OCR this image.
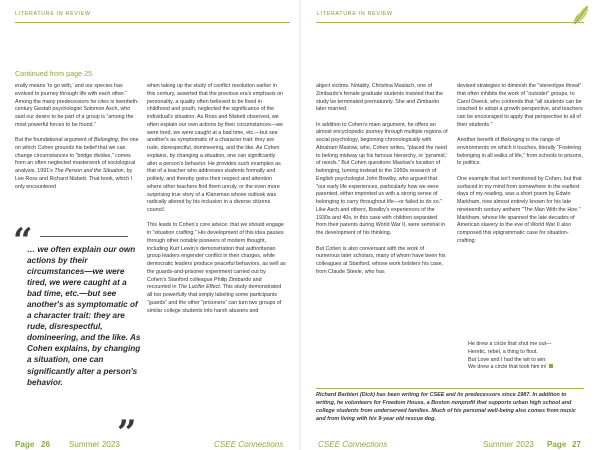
LITERATURE IN REVIEW
Continued from page 25

erally means ‘to go with,’ and our species has evolved to journey through life with each other.” Among the many predecessors he cites is twentieth-century Gestalt psychologist Solomon Asch, who said our desire to be part of a group is “among the most powerful forces to be found.”

But the foundational argument of Belonging, the one on which Cohen grounds his belief that we can change circumstances to “bridge divides,” comes from an often neglected masterwork of sociological analysis, 1991’s The Person and the Situation, by Lee Ross and Richard Nisbett. That book, which I only encountered

“
… we often explain our own actions by their circumstances—we were tired, we were caught at a bad time, etc.—but see another's as symptomatic of a character trait: they are rude, disrespectful, domineering, and the like. As Cohen explains, by changing a situation, one can significantly alter a person's behavior.
”

when taking up the study of conflict resolution earlier in this century, asserted that the previous era's emphasis on personality, a quality often believed to be fixed in childhood and youth, neglected the significance of the individual's situation. As Ross and Nisbett observed, we often explain our own actions by their circumstances—we were tired, we were caught at a bad time, etc.—but see another's as symptomatic of a character trait: they are rude, disrespectful, domineering, and the like. As Cohen explains, by changing a situation, one can significantly alter a person's behavior. He provides such examples as that of a teacher who addresses students formally and politely, and thereby gains their respect and attention where other teachers find them unruly, or the even more surprising true story of a Klansman whose outlook was radically altered by his inclusion in a diverse citizens council.

This leads to Cohen’s core advice: that we should engage in “situation crafting.” His development of this idea passes through other notable pioneers of modern thought, including Kurt Lewin’s demonstration that authoritarian group leaders engender conflict in their charges, while democratic leaders produce peaceful behaviors, as well as the guards-and-prisoner experiment carried out by Cohen’s Stanford colleague Philip Zimbardo and recounted in The Lucifer Effect. This study demonstrated all too powerfully that simply labeling some participants “guards” and the other “prisoners” can turn two groups of similar college students into harsh abusers and

Page 26 Summer 2023	CSEE Connections
LITERATURE IN REVIEW

abject victims. Notably, Christina Maslach, one of Zimbardo's female graduate students insisted that the study be terminated prematurely. She and Zimbardo later married.

In addition to Cohen's main argument, he offers an almost encyclopedic journey through multiple regions of social psychology, beginning chronologically with Abraham Maslow, who, Cohen writes, "placed the need to belong midway up his famous hierarchy, or 'pyramid,' of needs." But Cohen questions Maslow's location of belonging, turning instead to the 1950s research of English psychologist John Bowlby, who argued that "our early life experiences, particularly how we were parented, either imprinted us with a strong sense of belonging to carry throughout life—or failed to do so." Like Asch and others, Bowlby's experiences of the 1930s and 40s, in this case with children separated from their parents during World War II, were seminal in the development of his thinking.

But Cohen is also conversant with the work of numerous later scholars, many of whom have been his colleagues at Stanford, whose work bolsters his case, from Claude Steele, who has

devised strategies to diminish the "stereotype threat" that often inhibits the work of "outsider" groups, to Carol Dweck, who contends that "all students can be coached to adopt a growth perspective, and teachers can be encouraged to apply that perspective to all of their students."

Another benefit of Belonging is the range of environments on which it touches, literally “Fostering belonging in all walks of life,” from schools to prisons, to politics.

One example that isn't mentioned by Cohen, but that surfaced in my mind from somewhere in the earliest days of my reading, was a short poem by Edwin Markham, now almost entirely known for his late nineteenth century anthem "The Man With the Hoe." Markham, whose life spanned the late decades of American slavery to the eve of World War II also composed this epigrammatic case for situation-crafting:

He drew a circle that shut me out—
Heretic, rebel, a thing to flout.
But Love and I had the wit to win:
We drew a circle that took him in!
Richard Barbieri (Dick) has been writing for CSEE and its predecessors since 1987. In addition to writing, he volunteers for Freedom House, a Boston nonprofit that supports urban high school and college students from underserved families. Much of his personal well-being also comes from music and from living with his 9-year old rescue dog.
CSEE Connections	Summer 2023 Page 27
